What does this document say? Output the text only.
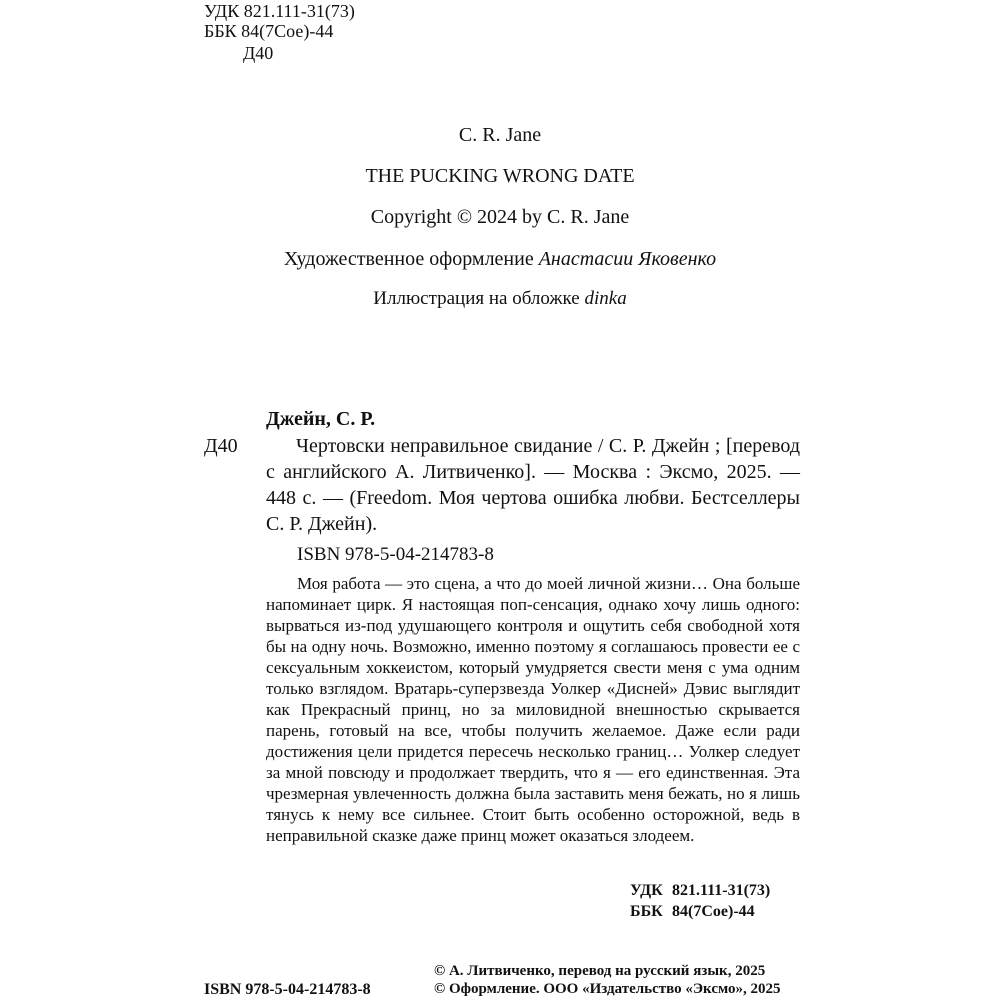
УДК 821.111-31(73)
ББК 84(7Сое)-44
Д40
C. R. Jane
THE PUCKING WRONG DATE
Copyright © 2024 by C. R. Jane
Художественное оформление Анастасии Яковенко
Иллюстрация на обложке dinka
Джейн, С. Р.
Д40	Чертовски неправильное свидание / С. Р. Джейн ; [перевод с английского А. Литвиченко]. — Москва : Эксмо, 2025. — 448 с. — (Freedom. Моя чертова ошибка любви. Бестселлеры С. Р. Джейн).

ISBN 978-5-04-214783-8

Моя работа — это сцена, а что до моей личной жизни… Она больше напоминает цирк. Я настоящая поп-сенсация, однако хочу лишь одного: вырваться из-под удушающего контроля и ощутить себя свободной хотя бы на одну ночь. Возможно, именно поэтому я соглашаюсь провести ее с сексуальным хоккеистом, который умудряется свести меня с ума одним только взглядом. Вратарь-суперзвезда Уолкер «Дисней» Дэвис выглядит как Прекрасный принц, но за миловидной внешностью скрывается парень, готовый на все, чтобы получить желаемое. Даже если ради достижения цели придется пересечь несколько границ… Уолкер следует за мной повсюду и продолжает твердить, что я — его единственная. Эта чрезмерная увлеченность должна была заставить меня бежать, но я лишь тянусь к нему все сильнее. Стоит быть особенно осторожной, ведь в неправильной сказке даже принц может оказаться злодеем.

УДК 821.111-31(73)
ББК 84(7Сое)-44
ISBN 978-5-04-214783-8
© А. Литвиченко, перевод на русский язык, 2025
© Оформление. ООО «Издательство «Эксмо», 2025
